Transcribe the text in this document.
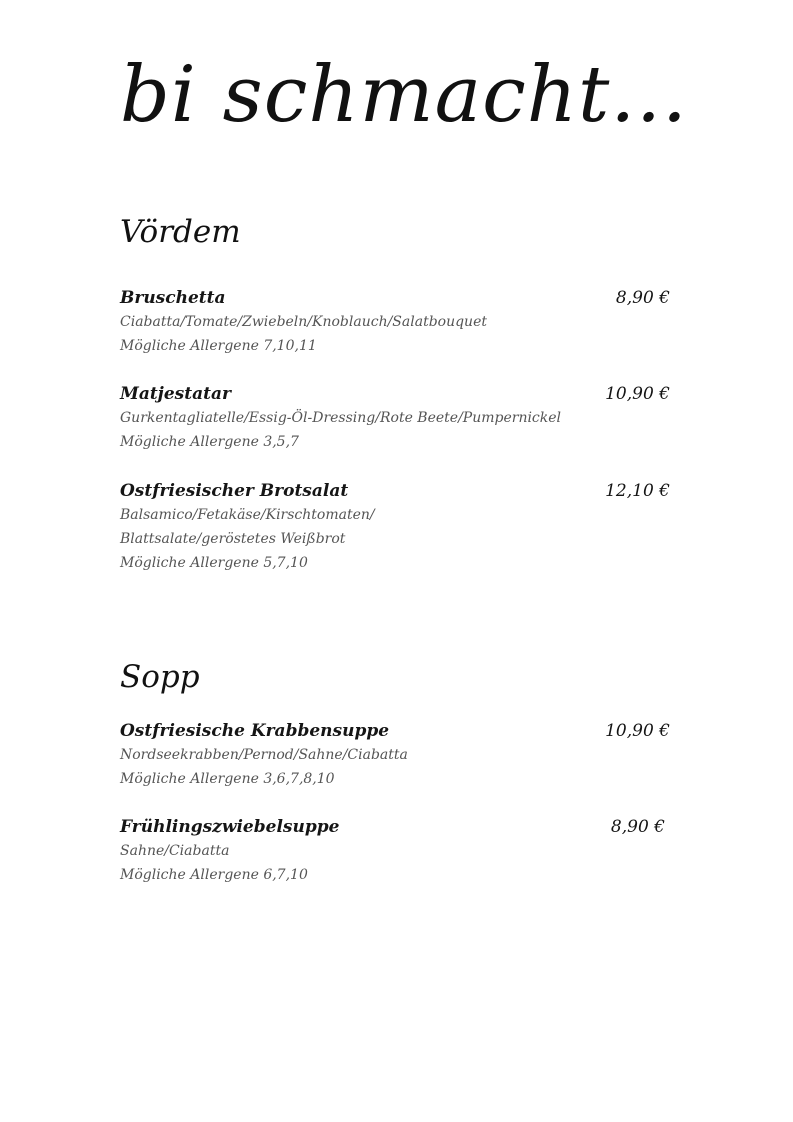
bi schmacht...
Vördem
Bruschetta	8,90 €
Ciabatta/Tomate/Zwiebeln/Knoblauch/Salatbouquet
Mögliche Allergene 7,10,11
Matjestatar	10,90 €
Gurkentagliatelle/Essig-Öl-Dressing/Rote Beete/Pumpernickel
Mögliche Allergene 3,5,7
Ostfriesischer Brotsalat	12,10 €
Balsamico/Fetakäse/Kirschtomaten/
Blattsalate/geröstetes Weißbrot
Mögliche Allergene 5,7,10
Sopp
Ostfriesische Krabbensuppe	10,90 €
Nordseekrabben/Pernod/Sahne/Ciabatta
Mögliche Allergene 3,6,7,8,10
Frühlingszwiebelsuppe	8,90 €
Sahne/Ciabatta
Mögliche Allergene 6,7,10
